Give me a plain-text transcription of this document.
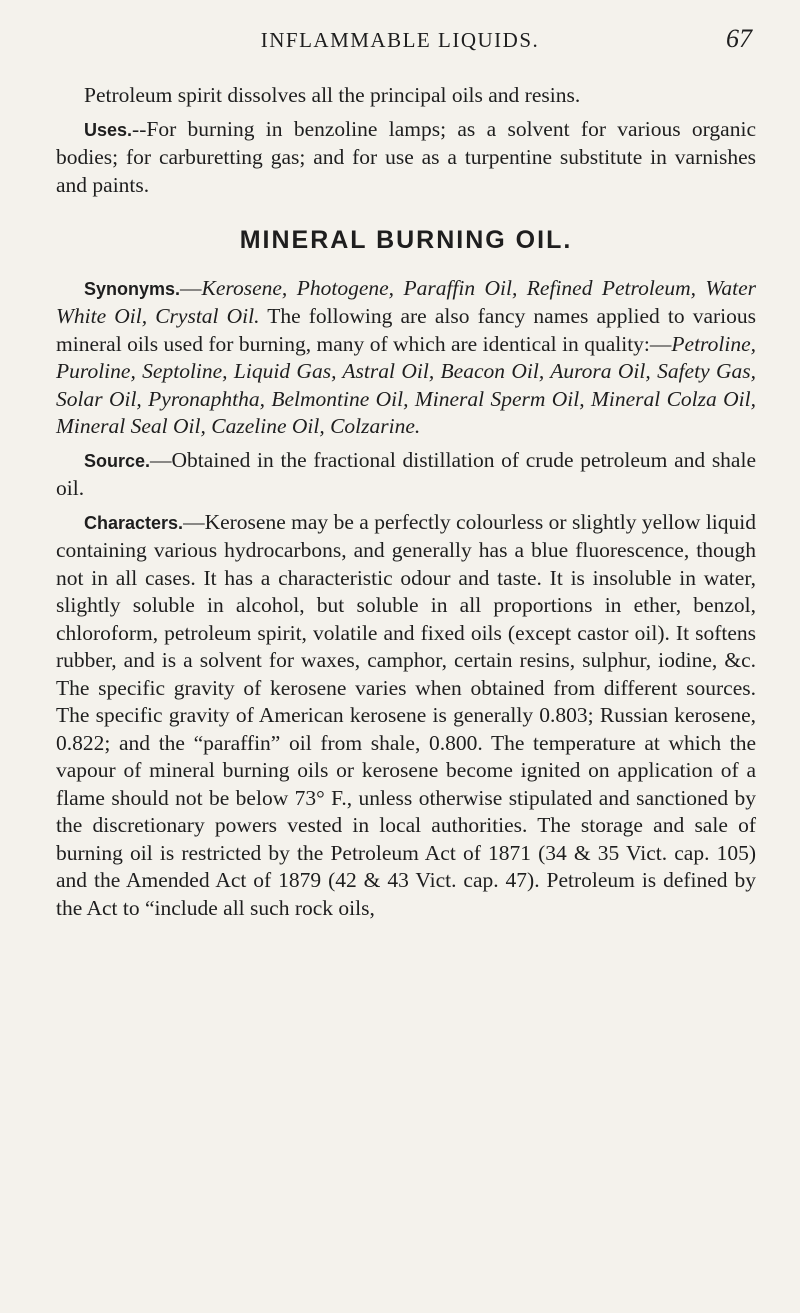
INFLAMMABLE LIQUIDS.	67

Petroleum spirit dissolves all the principal oils and resins.

Uses.--For burning in benzoline lamps; as a solvent for various organic bodies; for carburetting gas; and for use as a turpentine substitute in varnishes and paints.

MINERAL BURNING OIL.

Synonyms.—Kerosene, Photogene, Paraffin Oil, Refined Petroleum, Water White Oil, Crystal Oil. The following are also fancy names applied to various mineral oils used for burning, many of which are identical in quality:—Petroline, Puroline, Septoline, Liquid Gas, Astral Oil, Beacon Oil, Aurora Oil, Safety Gas, Solar Oil, Pyronaphtha, Belmontine Oil, Mineral Sperm Oil, Mineral Colza Oil, Mineral Seal Oil, Cazeline Oil, Colzarine.

Source.—Obtained in the fractional distillation of crude petroleum and shale oil.

Characters.—Kerosene may be a perfectly colourless or slightly yellow liquid containing various hydrocarbons, and generally has a blue fluorescence, though not in all cases. It has a characteristic odour and taste. It is insoluble in water, slightly soluble in alcohol, but soluble in all proportions in ether, benzol, chloroform, petroleum spirit, volatile and fixed oils (except castor oil). It softens rubber, and is a solvent for waxes, camphor, certain resins, sulphur, iodine, &c. The specific gravity of kerosene varies when obtained from different sources. The specific gravity of American kerosene is generally 0.803; Russian kerosene, 0.822; and the “paraffin” oil from shale, 0.800. The temperature at which the vapour of mineral burning oils or kerosene become ignited on application of a flame should not be below 73° F., unless otherwise stipulated and sanctioned by the discretionary powers vested in local authorities. The storage and sale of burning oil is restricted by the Petroleum Act of 1871 (34 & 35 Vict. cap. 105) and the Amended Act of 1879 (42 & 43 Vict. cap. 47). Petroleum is defined by the Act to “include all such rock oils,
